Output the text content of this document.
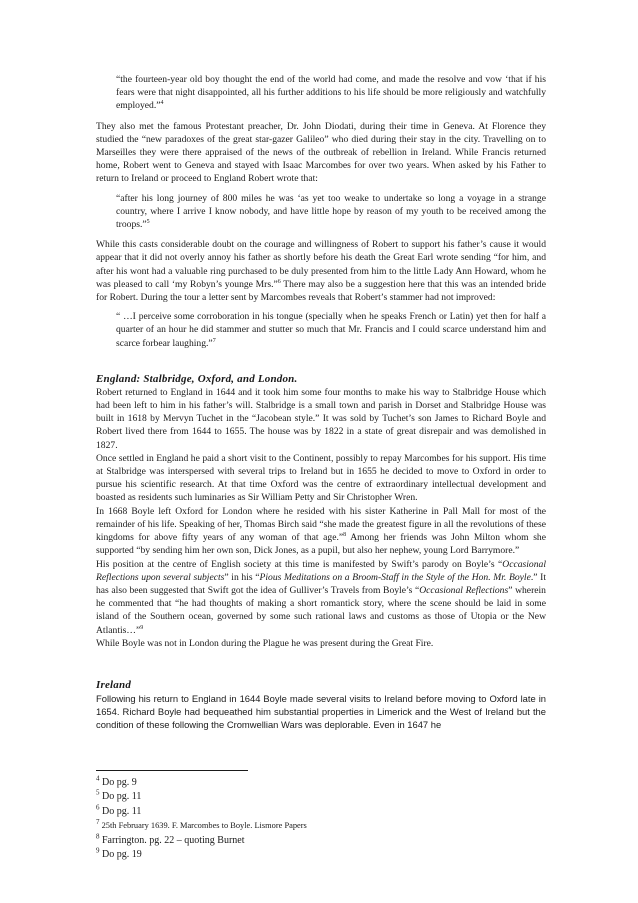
“the fourteen-year old boy thought the end of the world had come, and made the resolve and vow ‘that if his fears were that night disappointed, all his further additions to his life should be more religiously and watchfully employed.”$^4$
They also met the famous Protestant preacher, Dr. John Diodati, during their time in Geneva. At Florence they studied the “new paradoxes of the great star-gazer Galileo” who died during their stay in the city. Travelling on to Marseilles they were there appraised of the news of the outbreak of rebellion in Ireland. While Francis returned home, Robert went to Geneva and stayed with Isaac Marcombes for over two years. When asked by his Father to return to Ireland or proceed to England Robert wrote that:
“after his long journey of 800 miles he was ‘as yet too weake to undertake so long a voyage in a strange country, where I arrive I know nobody, and have little hope by reason of my youth to be received among the troops.”$^5$
While this casts considerable doubt on the courage and willingness of Robert to support his father’s cause it would appear that it did not overly annoy his father as shortly before his death the Great Earl wrote sending “for him, and after his wont had a valuable ring purchased to be duly presented from him to the little Lady Ann Howard, whom he was pleased to call ‘my Robyn’s younge Mrs.”$^6$ There may also be a suggestion here that this was an intended bride for Robert. During the tour a letter sent by Marcombes reveals that Robert’s stammer had not improved:
“ …I perceive some corroboration in his tongue (specially when he speaks French or Latin) yet then for half a quarter of an hour he did stammer and stutter so much that Mr. Francis and I could scarce understand him and scarce forbear laughing.”$^7$
England: Stalbridge, Oxford, and London.
Robert returned to England in 1644 and it took him some four months to make his way to Stalbridge House which had been left to him in his father’s will. Stalbridge is a small town and parish in Dorset and Stalbridge House was built in 1618 by Mervyn Tuchet in the “Jacobean style.” It was sold by Tuchet’s son James to Richard Boyle and Robert lived there from 1644 to 1655. The house was by 1822 in a state of great disrepair and was demolished in 1827.
Once settled in England he paid a short visit to the Continent, possibly to repay Marcombes for his support. His time at Stalbridge was interspersed with several trips to Ireland but in 1655 he decided to move to Oxford in order to pursue his scientific research. At that time Oxford was the centre of extraordinary intellectual development and boasted as residents such luminaries as Sir William Petty and Sir Christopher Wren.
In 1668 Boyle left Oxford for London where he resided with his sister Katherine in Pall Mall for most of the remainder of his life. Speaking of her, Thomas Birch said “she made the greatest figure in all the revolutions of these kingdoms for above fifty years of any woman of that age.”$^8$ Among her friends was John Milton whom she supported “by sending him her own son, Dick Jones, as a pupil, but also her nephew, young Lord Barrymore.”
His position at the centre of English society at this time is manifested by Swift’s parody on Boyle’s “Occasional Reflections upon several subjects” in his “Pious Meditations on a Broom-Staff in the Style of the Hon. Mr. Boyle.” It has also been suggested that Swift got the idea of Gulliver’s Travels from Boyle’s “Occasional Reflections” wherein he commented that “he had thoughts of making a short romantick story, where the scene should be laid in some island of the Southern ocean, governed by some such rational laws and customs as those of Utopia or the New Atlantis…”$^9$
While Boyle was not in London during the Plague he was present during the Great Fire.
Ireland
Following his return to England in 1644 Boyle made several visits to Ireland before moving to Oxford late in 1654. Richard Boyle had bequeathed him substantial properties in Limerick and the West of Ireland but the condition of these following the Cromwellian Wars was deplorable. Even in 1647 he
$^4$ Do pg. 9
$^5$ Do pg. 11
$^6$ Do pg. 11
$^7$ 25th February 1639. F. Marcombes to Boyle. Lismore Papers
$^8$ Farrington. pg. 22 – quoting Burnet
$^9$ Do pg. 19
